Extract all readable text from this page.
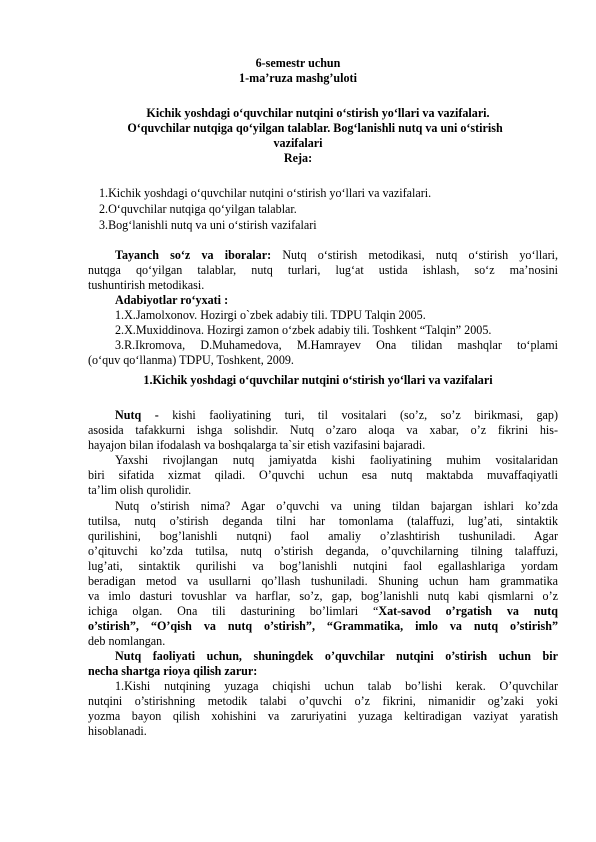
6-semestr uchun
1-ma’ruza mashg’uloti
Kichik yoshdagi o‘quvchilar nutqini o‘stirish yo‘llari va vazifalari.
O‘quvchilar nutqiga qo‘yilgan talablar. Bog‘lanishli nutq va uni o‘stirish
vazifalari
Reja:
1.Kichik yoshdagi o‘quvchilar nutqini o‘stirish yo‘llari va vazifalari.
2.O‘quvchilar nutqiga qo‘yilgan talablar.
3.Bog‘lanishli nutq va uni o‘stirish vazifalari
Tayanch so‘z va iboralar: Nutq o‘stirish metodikasi, nutq o‘stirish yo‘llari,
nutqga qo‘yilgan talablar, nutq turlari, lug‘at ustida ishlash, so‘z ma’nosini
tushuntirish metodikasi.
Adabiyotlar ro‘yxati :
1.X.Jamolxonov. Hozirgi o`zbek adabiy tili. TDPU Talqin 2005.
2.X.Muxiddinova. Hozirgi zamon o‘zbek adabiy tili. Toshkent “Talqin” 2005.
3.R.Ikromova, D.Muhamedova, M.Hamrayev Ona tilidan mashqlar to‘plami
(o‘quv qo‘llanma) TDPU, Toshkent, 2009.
1.Kichik yoshdagi o‘quvchilar nutqini o‘stirish yo‘llari va vazifalari
Nutq - kishi faoliyatining turi, til vositalari (so’z, so’z birikmasi, gap)
asosida tafakkurni ishga solishdir. Nutq o’zaro aloqa va xabar, o’z fikrini his-
hayajon bilan ifodalash va boshqalarga ta`sir etish vazifasini bajaradi.
Yaxshi rivojlangan nutq jamiyatda kishi faoliyatining muhim vositalaridan
biri sifatida xizmat qiladi. O’quvchi uchun esa nutq maktabda muvaffaqiyatli
ta’lim olish qurolidir.
Nutq o’stirish nima? Agar o’quvchi va uning tildan bajargan ishlari ko’zda
tutilsa, nutq o’stirish deganda tilni har tomonlama (talaffuzi, lug’ati, sintaktik
qurilishini, bog’lanishli nutqni) faol amaliy o’zlashtirish tushuniladi. Agar
o’qituvchi ko’zda tutilsa, nutq o’stirish deganda, o’quvchilarning tilning talaffuzi,
lug’ati, sintaktik qurilishi va bog’lanishli nutqini faol egallashlariga yordam
beradigan metod va usullarni qo’llash tushuniladi. Shuning uchun ham grammatika
va imlo dasturi tovushlar va harflar, so’z, gap, bog’lanishli nutq kabi qismlarni o’z
ichiga olgan. Ona tili dasturining bo’limlari “Xat-savod o’rgatish va nutq
o’stirish”, “O’qish va nutq o’stirish”, “Grammatika, imlo va nutq o’stirish”
deb nomlangan.
Nutq faoliyati uchun, shuningdek o’quvchilar nutqini o’stirish uchun bir
necha shartga rioya qilish zarur:
1.Kishi nutqining yuzaga chiqishi uchun talab bo’lishi kerak. O’quvchilar
nutqini o’stirishning metodik talabi o’quvchi o’z fikrini, nimanidir og’zaki yoki
yozma bayon qilish xohishini va zaruriyatini yuzaga keltiradigan vaziyat yaratish
hisoblanadi.
